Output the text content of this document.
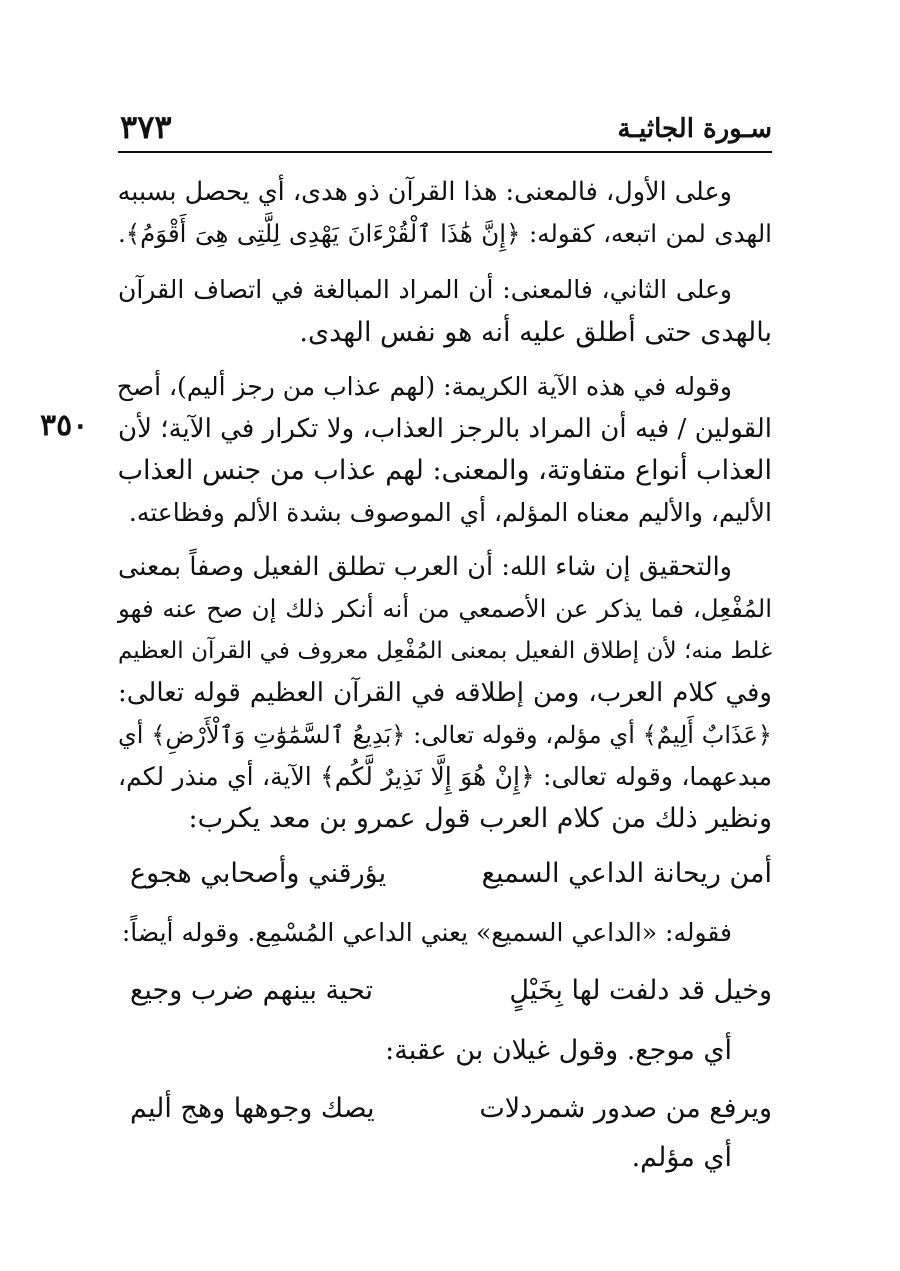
سـورة الجاثيـة
٣٧٣
٣٥٠
وعلى الأول، فالمعنى: هذا القرآن ذو هدى، أي يحصل بسببه
الهدى لمن اتبعه، كقوله: ﴿إِنَّ هَٰذَا ٱلْقُرْءَانَ يَهْدِى لِلَّتِى هِىَ أَقْوَمُ﴾.
وعلى الثاني، فالمعنى: أن المراد المبالغة في اتصاف القرآن
بالهدى حتى أطلق عليه أنه هو نفس الهدى.
وقوله في هذه الآية الكريمة: (لهم عذاب من رجز أليم)، أصح
القولين / فيه أن المراد بالرجز العذاب، ولا تكرار في الآية؛ لأن
العذاب أنواع متفاوتة، والمعنى: لهم عذاب من جنس العذاب
الأليم، والأليم معناه المؤلم، أي الموصوف بشدة الألم وفظاعته.
والتحقيق إن شاء الله: أن العرب تطلق الفعيل وصفاً بمعنى
المُفْعِل، فما يذكر عن الأصمعي من أنه أنكر ذلك إن صح عنه فهو
غلط منه؛ لأن إطلاق الفعيل بمعنى المُفْعِل معروف في القرآن العظيم
وفي كلام العرب، ومن إطلاقه في القرآن العظيم قوله تعالى:
﴿عَذَابٌ أَلِيمٌ﴾ أي مؤلم، وقوله تعالى: ﴿بَدِيعُ ٱلسَّمَٰوَٰتِ وَٱلْأَرْضِ﴾ أي
مبدعهما، وقوله تعالى: ﴿إِنْ هُوَ إِلَّا نَذِيرٌ لَّكُم﴾ الآية، أي منذر لكم،
ونظير ذلك من كلام العرب قول عمرو بن معد يكرب:
أمن ريحانة الداعي السميع
يؤرقني وأصحابي هجوع
فقوله: «الداعي السميع» يعني الداعي المُسْمِع. وقوله أيضاً:
وخيل قد دلفت لها بِخَيْلٍ
تحية بينهم ضرب وجيع
أي موجع. وقول غيلان بن عقبة:
ويرفع من صدور شمردلات
يصك وجوهها وهج أليم
أي مؤلم.
